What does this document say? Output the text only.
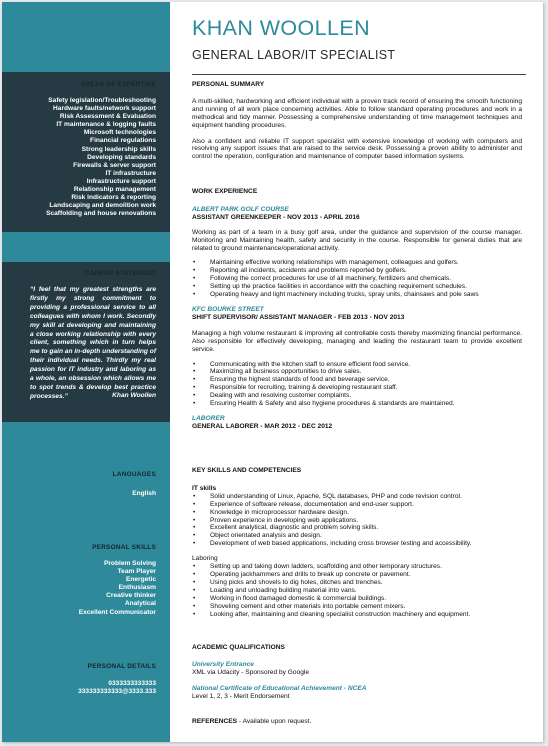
AREAS OF EXPERTISE
Safety legislation/Troubleshooting
Hardware faults/network support
Risk Assessment & Evaluation
IT maintenance & logging faults
Microsoft technologies
Financial regulations
Strong leadership skills
Developing standards
Firewalls & server support
IT infrastructure
Infrastructure support
Relationship management
Risk Indicators & reporting
Landscaping and demolition work
Scaffolding and house renovations
CAREER STATEMENT
“I feel that my greatest strengths are firstly my strong commitment to providing a professional service to all colleagues with whom I work. Secondly my skill at developing and maintaining a close working relationship with every client, something which in turn helps me to gain an in-depth understanding of their individual needs. Thirdly my real passion for IT industry and laboring as a whole, an obsession which allows me to spot trends & develop best practice processes.”	Khan Woollen
LANGUAGES
English
PERSONAL SKILLS
Problem Solving
Team Player
Energetic
Enthusiasm
Creative thinker
Analytical
Excellent Communicator
PERSONAL DETAILS
0333333333333
333333333333@3333.333
KHAN WOOLLEN
GENERAL LABOR/IT SPECIALIST
PERSONAL SUMMARY
A multi-skilled, hardworking and efficient individual with a proven track record of ensuring the smooth functioning and running of all work place concerning activities. Able to follow standard operating procedures and work in a methodical and tidy manner. Possessing a comprehensive understanding of time management techniques and equipment handling procedures.
Also a confident and reliable IT support specialist with extensive knowledge of working with computers and resolving any support issues that are raised to the service desk. Possessing a proven ability to administer and control the operation, configuration and maintenance of computer based information systems.
WORK EXPERIENCE
ALBERT PARK GOLF COURSE
ASSISTANT GREENKEEPER - NOV 2013 - APRIL 2016
Working as part of a team in a busy golf area, under the guidance and supervision of the course manager. Monitoring and Maintaining health, safety and security in the course. Responsible for general duties that are related to ground maintenance/operational activity.
• Maintaining effective working relationships with management, colleagues and golfers.
• Reporting all incidents, accidents and problems reported by golfers.
• Following the correct procedures for use of all machinery, fertilizers and chemicals.
• Setting up the practice facilities in accordance with the coaching requirement schedules.
• Operating heavy and light machinery including trucks, spray units, chainsaws and pole saws
KFC BOURKE STREET
SHIFT SUPERVISOR/ ASSISTANT MANAGER - FEB 2013 - NOV 2013
Managing a high volume restaurant & improving all controllable costs thereby maximizing financial performance. Also responsible for effectively developing, managing and leading the restaurant team to provide excellent service.
• Communicating with the kitchen staff to ensure efficient food service.
• Maximizing all business opportunities to drive sales.
• Ensuring the highest standards of food and beverage service.
• Responsible for recruiting, training & developing restaurant staff.
• Dealing with and resolving customer complaints.
• Ensuring Health & Safety and also hygiene procedures & standards are maintained.
LABORER
GENERAL LABORER - MAR 2012 - DEC 2012
KEY SKILLS AND COMPETENCIES
IT skills
• Solid understanding of Linux, Apache, SQL databases, PHP and code revision control.
• Experience of software release, documentation and end-user support.
• Knowledge in microprocessor hardware design.
• Proven experience in developing web applications.
• Excellent analytical, diagnostic and problem solving skills.
• Object orientated analysis and design.
• Development of web based applications, including cross browser testing and accessibility.
Laboring
• Setting up and taking down ladders, scaffolding and other temporary structures.
• Operating jackhammers and drills to break up concrete or pavement.
• Using picks and shovels to dig holes, ditches and trenches.
• Loading and unloading building material into vans.
• Working in flood damaged domestic & commercial buildings.
• Shoveling cement and other materials into portable cement mixers.
• Looking after, maintaining and cleaning specialist construction machinery and equipment.
ACADEMIC QUALIFICATIONS
University Entrance
XML via Udacity - Sponsored by Google
National Certificate of Educational Achievement - NCEA
Level 1, 2, 3 - Merit Endorsement
REFERENCES - Available upon request.
